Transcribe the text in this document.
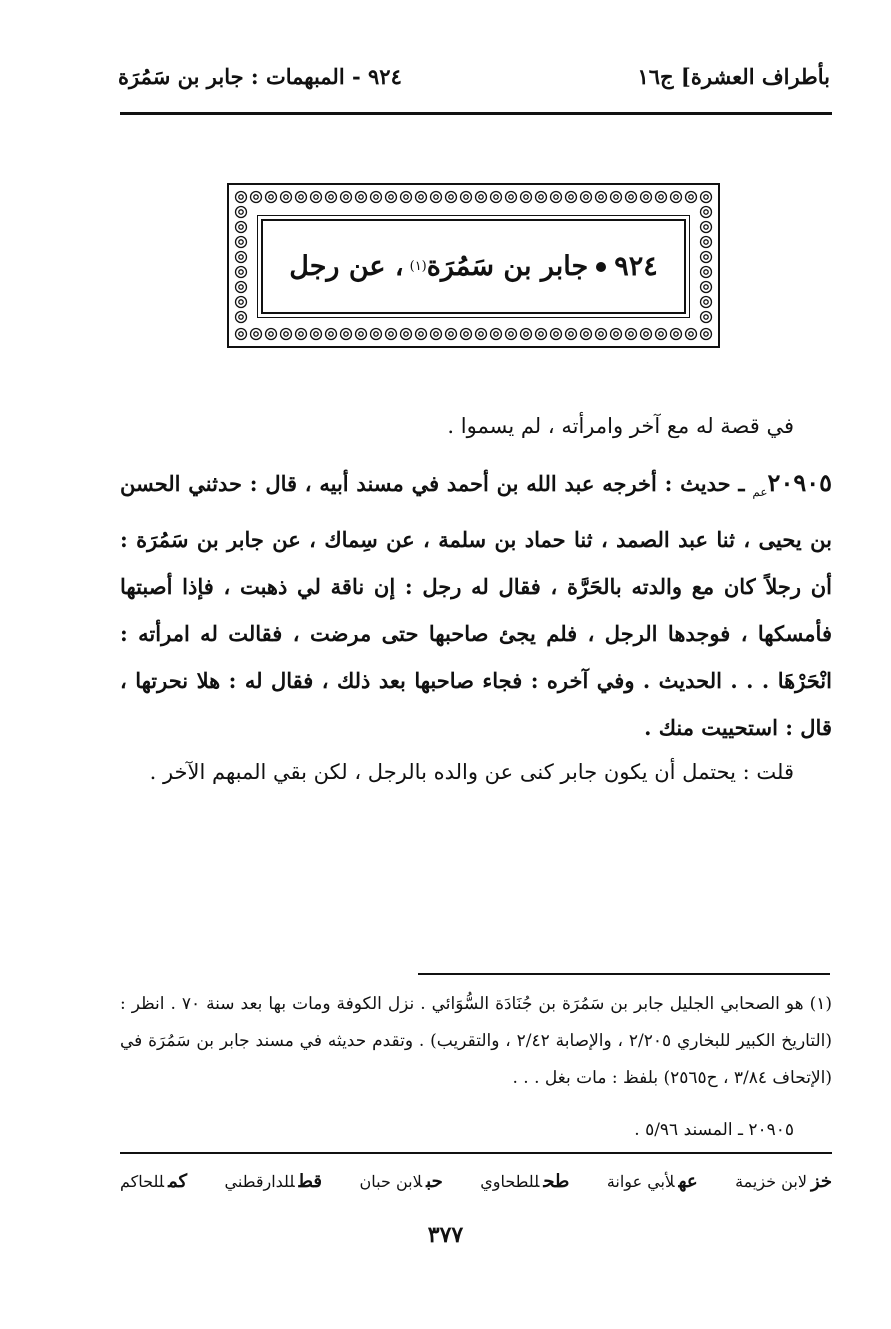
٩٢٤ - المبهمات : جابر بن سَمُرَة	بأطراف العشرة] ج١٦
٩٢٤
جابر بن سَمُرَة
(١)
، عن رجل
في قصة له مع آخر وامرأته ، لم يسموا .
$٢٠٩٠٥_{عم}$ ـ حديث : أخرجه عبد الله بن أحمد في مسند أبيه ، قال : حدثني الحسن بن يحيى ، ثنا عبد الصمد ، ثنا حماد بن سلمة ، عن سِماك ، عن جابر بن سَمُرَة : أن رجلاً كان مع والدته بالحَرَّة ، فقال له رجل : إن ناقة لي ذهبت ، فإذا أصبتها فأمسكها ، فوجدها الرجل ، فلم يجئ صاحبها حتى مرضت ، فقالت له امرأته : انْحَرْهَا . . . الحديث . وفي آخره : فجاء صاحبها بعد ذلك ، فقال له : هلا نحرتها ، قال : استحييت منك .
قلت : يحتمل أن يكون جابر كنى عن والده بالرجل ، لكن بقي المبهم الآخر .
(١) هو الصحابي الجليل جابر بن سَمُرَة بن جُنَادَة السُّوَائي . نزل الكوفة ومات بها بعد سنة ٧٠ . انظر : (التاريخ الكبير للبخاري ٢/٢٠٥ ، والإصابة ٢/٤٢ ، والتقريب) . وتقدم حديثه في مسند جابر بن سَمُرَة في (الإتحاف ٣/٨٤ ، ح٢٥٦٥) بلفظ : مات بغل . . .
٢٠٩٠٥ ـ المسند ٥/٩٦ .
خزلابن خزيمة
عهلأبي عوانة
طحللطحاوي
حبلابن حبان
قطللدارقطني
كمللحاكم
٣٧٧
